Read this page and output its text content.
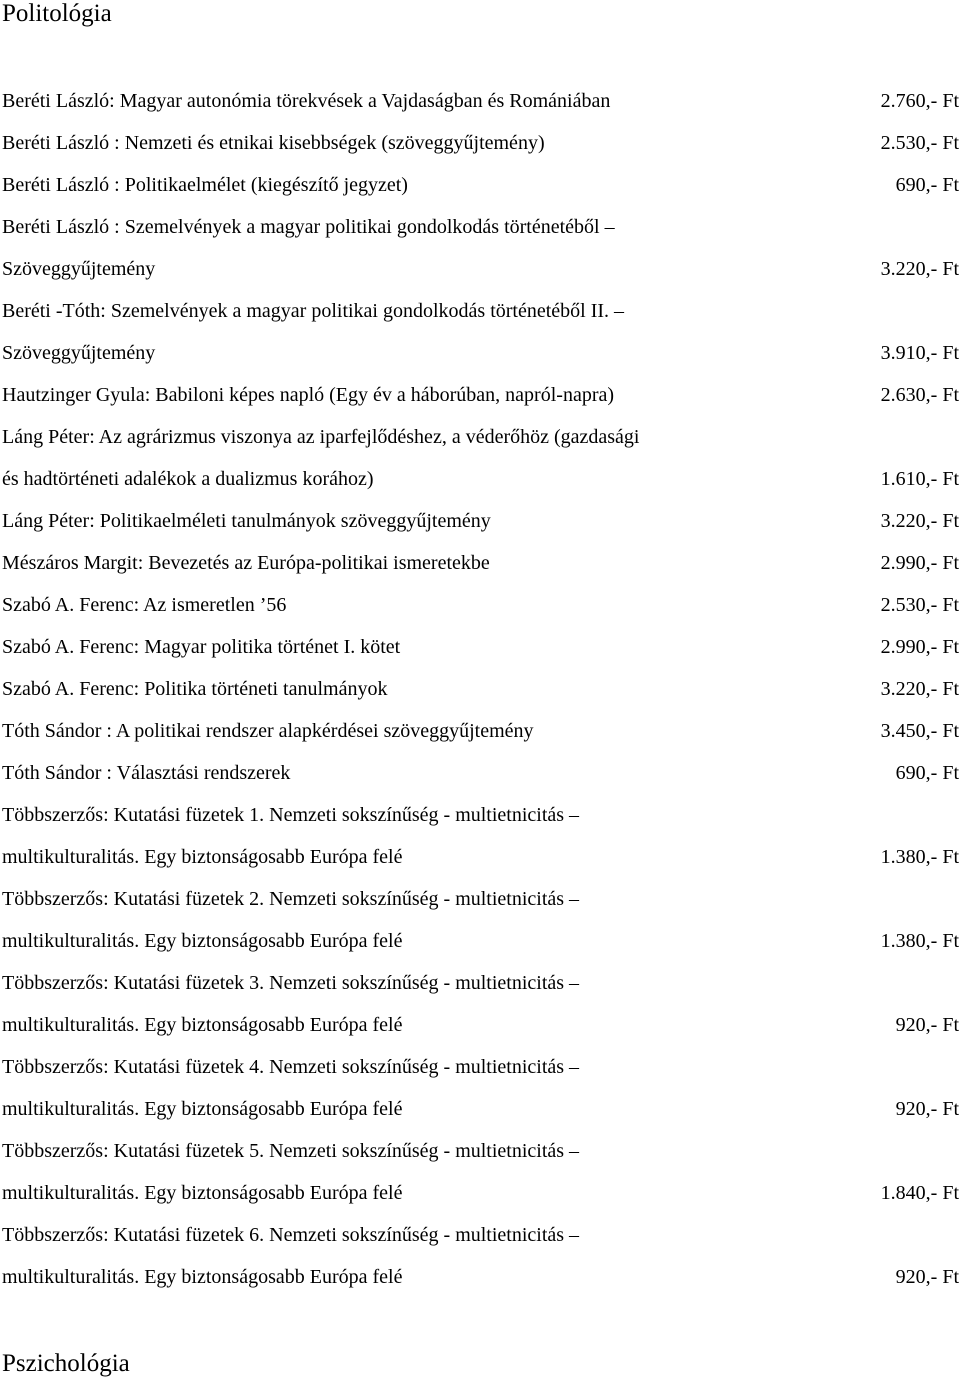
Politológia
Beréti László: Magyar autonómia törekvések a Vajdaságban és Romániában	2.760,- Ft
Beréti László : Nemzeti és etnikai kisebbségek (szöveggyűjtemény)	2.530,- Ft
Beréti László : Politikaelmélet (kiegészítő jegyzet)	690,- Ft
Beréti László : Szemelvények a magyar politikai gondolkodás történetéből –
Szöveggyűjtemény	3.220,- Ft
Beréti -Tóth: Szemelvények a magyar politikai gondolkodás történetéből II. –
Szöveggyűjtemény	3.910,- Ft
Hautzinger Gyula: Babiloni képes napló (Egy év a háborúban, napról-napra)	2.630,- Ft
Láng Péter: Az agrárizmus viszonya az iparfejlődéshez, a véderőhöz (gazdasági
és hadtörténeti adalékok a dualizmus korához)	1.610,- Ft
Láng Péter: Politikaelméleti tanulmányok szöveggyűjtemény	3.220,- Ft
Mészáros Margit: Bevezetés az Európa-politikai ismeretekbe	2.990,- Ft
Szabó A. Ferenc: Az ismeretlen ’56	2.530,- Ft
Szabó A. Ferenc: Magyar politika történet I. kötet	2.990,- Ft
Szabó A. Ferenc: Politika történeti tanulmányok	3.220,- Ft
Tóth Sándor : A politikai rendszer alapkérdései szöveggyűjtemény	3.450,- Ft
Tóth Sándor : Választási rendszerek	690,- Ft
Többszerzős: Kutatási füzetek 1. Nemzeti sokszínűség - multietnicitás –
multikulturalitás. Egy biztonságosabb Európa felé	1.380,- Ft
Többszerzős: Kutatási füzetek 2. Nemzeti sokszínűség - multietnicitás –
multikulturalitás. Egy biztonságosabb Európa felé	1.380,- Ft
Többszerzős: Kutatási füzetek 3. Nemzeti sokszínűség - multietnicitás –
multikulturalitás. Egy biztonságosabb Európa felé	920,- Ft
Többszerzős: Kutatási füzetek 4. Nemzeti sokszínűség - multietnicitás –
multikulturalitás. Egy biztonságosabb Európa felé	920,- Ft
Többszerzős: Kutatási füzetek 5. Nemzeti sokszínűség - multietnicitás –
multikulturalitás. Egy biztonságosabb Európa felé	1.840,- Ft
Többszerzős: Kutatási füzetek 6. Nemzeti sokszínűség - multietnicitás –
multikulturalitás. Egy biztonságosabb Európa felé	920,- Ft
Pszichológia
